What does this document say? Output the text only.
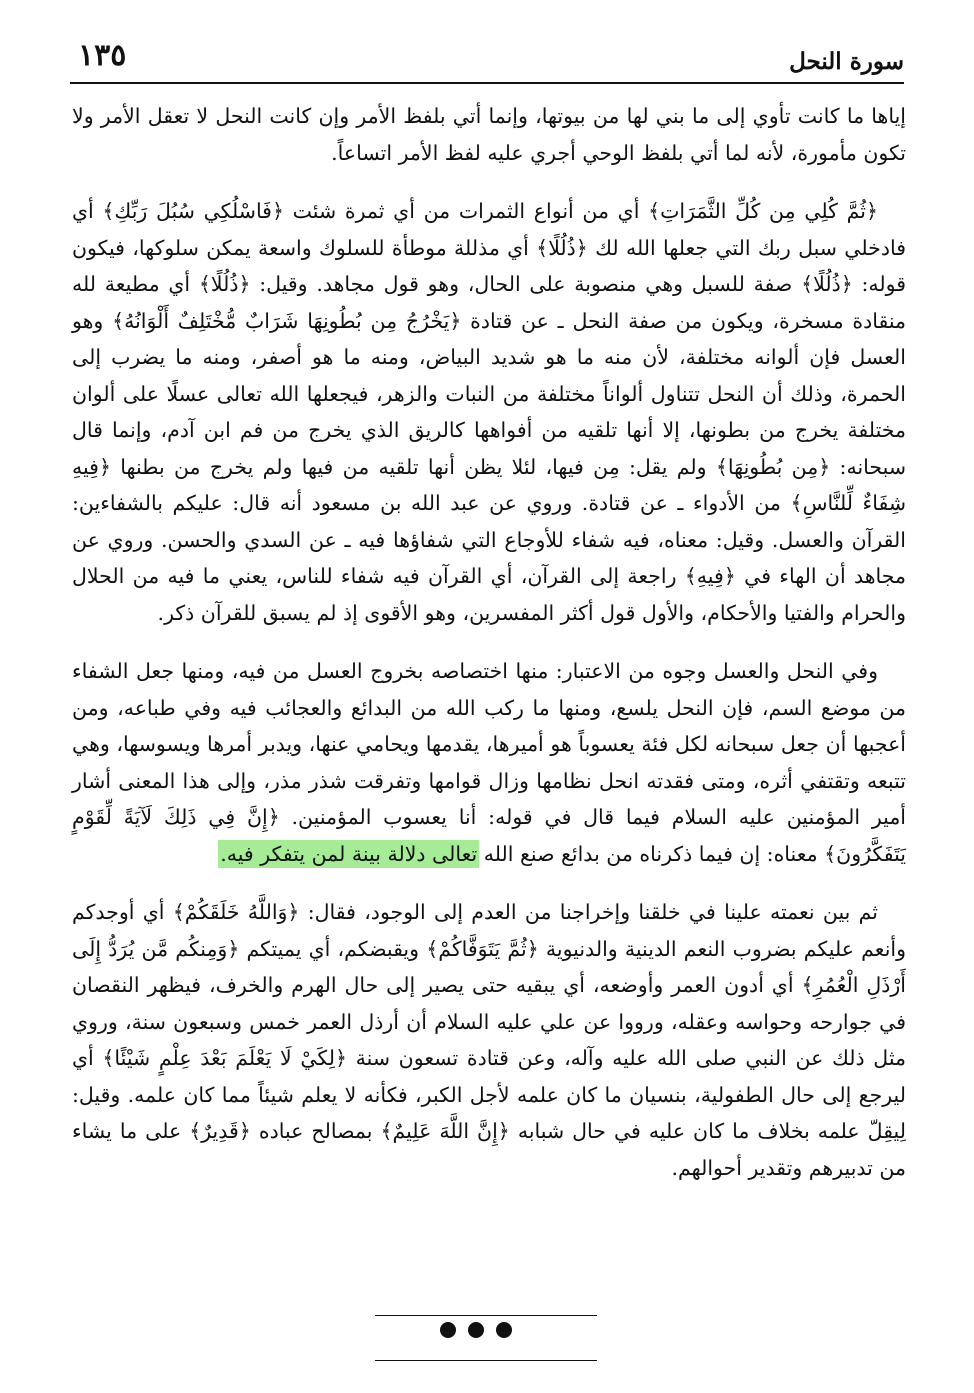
سورة النحل
١٣٥

إياها ما كانت تأوي إلى ما بني لها من بيوتها، وإنما أتي بلفظ الأمر وإن كانت النحل لا تعقل الأمر ولا تكون مأمورة، لأنه لما أتي بلفظ الوحي أجري عليه لفظ الأمر اتساعاً.

﴿ثُمَّ كُلِي مِن كُلِّ الثَّمَرَاتِ﴾ أي من أنواع الثمرات من أي ثمرة شئت ﴿فَاسْلُكِي سُبُلَ رَبِّكِ﴾ أي فادخلي سبل ربك التي جعلها الله لك ﴿ذُلُلًا﴾ أي مذللة موطأة للسلوك واسعة يمكن سلوكها، فيكون قوله: ﴿ذُلُلًا﴾ صفة للسبل وهي منصوبة على الحال، وهو قول مجاهد. وقيل: ﴿ذُلُلًا﴾ أي مطيعة لله منقادة مسخرة، ويكون من صفة النحل ـ عن قتادة ﴿يَخْرُجُ مِن بُطُونِهَا شَرَابٌ مُّخْتَلِفٌ أَلْوَانُهُ﴾ وهو العسل فإن ألوانه مختلفة، لأن منه ما هو شديد البياض، ومنه ما هو أصفر، ومنه ما يضرب إلى الحمرة، وذلك أن النحل تتناول ألواناً مختلفة من النبات والزهر، فيجعلها الله تعالى عسلًا على ألوان مختلفة يخرج من بطونها، إلا أنها تلقيه من أفواهها كالريق الذي يخرج من فم ابن آدم، وإنما قال سبحانه: ﴿مِن بُطُونِهَا﴾ ولم يقل: مِن فيها، لئلا يظن أنها تلقيه من فيها ولم يخرج من بطنها ﴿فِيهِ شِفَاءٌ لِّلنَّاسِ﴾ من الأدواء ـ عن قتادة. وروي عن عبد الله بن مسعود أنه قال: عليكم بالشفاءين: القرآن والعسل. وقيل: معناه، فيه شفاء للأوجاع التي شفاؤها فيه ـ عن السدي والحسن. وروي عن مجاهد أن الهاء في ﴿فِيهِ﴾ راجعة إلى القرآن، أي القرآن فيه شفاء للناس، يعني ما فيه من الحلال والحرام والفتيا والأحكام، والأول قول أكثر المفسرين، وهو الأقوى إذ لم يسبق للقرآن ذكر.

وفي النحل والعسل وجوه من الاعتبار: منها اختصاصه بخروج العسل من فيه، ومنها جعل الشفاء من موضع السم، فإن النحل يلسع، ومنها ما ركب الله من البدائع والعجائب فيه وفي طباعه، ومن أعجبها أن جعل سبحانه لكل فئة يعسوباً هو أميرها، يقدمها ويحامي عنها، ويدبر أمرها ويسوسها، وهي تتبعه وتقتفي أثره، ومتى فقدته انحل نظامها وزال قوامها وتفرقت شذر مذر، وإلى هذا المعنى أشار أمير المؤمنين عليه السلام فيما قال في قوله: أنا يعسوب المؤمنين. ﴿إِنَّ فِي ذَلِكَ لَآيَةً لِّقَوْمٍ يَتَفَكَّرُونَ﴾ معناه: إن فيما ذكرناه من بدائع صنع الله تعالى دلالة بينة لمن يتفكر فيه.

ثم بين نعمته علينا في خلقنا وإخراجنا من العدم إلى الوجود، فقال: ﴿وَاللَّهُ خَلَقَكُمْ﴾ أي أوجدكم وأنعم عليكم بضروب النعم الدينية والدنيوية ﴿ثُمَّ يَتَوَفَّاكُمْ﴾ ويقبضكم، أي يميتكم ﴿وَمِنكُم مَّن يُرَدُّ إِلَى أَرْذَلِ الْعُمُرِ﴾ أي أدون العمر وأوضعه، أي يبقيه حتى يصير إلى حال الهرم والخرف، فيظهر النقصان في جوارحه وحواسه وعقله، ورووا عن علي عليه السلام أن أرذل العمر خمس وسبعون سنة، وروي مثل ذلك عن النبي صلى الله عليه وآله، وعن قتادة تسعون سنة ﴿لِكَيْ لَا يَعْلَمَ بَعْدَ عِلْمٍ شَيْئًا﴾ أي ليرجع إلى حال الطفولية، بنسيان ما كان علمه لأجل الكبر، فكأنه لا يعلم شيئاً مما كان علمه. وقيل: لِيقِلّ علمه بخلاف ما كان عليه في حال شبابه ﴿إِنَّ اللَّهَ عَلِيمٌ﴾ بمصالح عباده ﴿قَدِيرٌ﴾ على ما يشاء من تدبيرهم وتقدير أحوالهم.
